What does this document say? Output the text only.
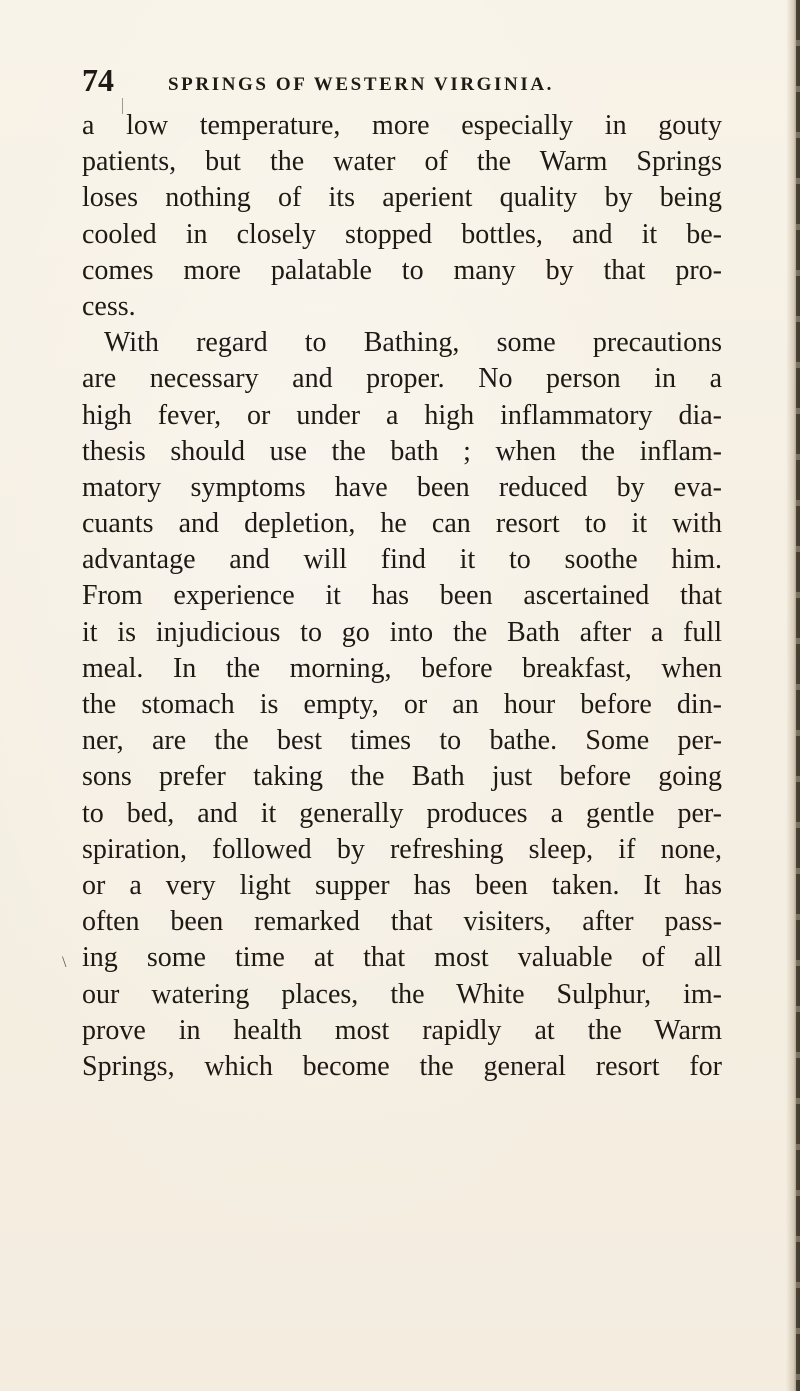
74	SPRINGS OF WESTERN VIRGINIA.
\
a low temperature, more especially in gouty
patients, but the water of the Warm Springs
loses nothing of its aperient quality by being
cooled in closely stopped bottles, and it be-
comes more palatable to many by that pro-
cess.
With regard to Bathing, some precautions
are necessary and proper. No person in a
high fever, or under a high inflammatory dia-
thesis should use the bath ; when the inflam-
matory symptoms have been reduced by eva-
cuants and depletion, he can resort to it with
advantage and will find it to soothe him.
From experience it has been ascertained that
it is injudicious to go into the Bath after a full
meal. In the morning, before breakfast, when
the stomach is empty, or an hour before din-
ner, are the best times to bathe. Some per-
sons prefer taking the Bath just before going
to bed, and it generally produces a gentle per-
spiration, followed by refreshing sleep, if none,
or a very light supper has been taken. It has
often been remarked that visiters, after pass-
ing some time at that most valuable of all
our watering places, the White Sulphur, im-
prove in health most rapidly at the Warm
Springs, which become the general resort for
